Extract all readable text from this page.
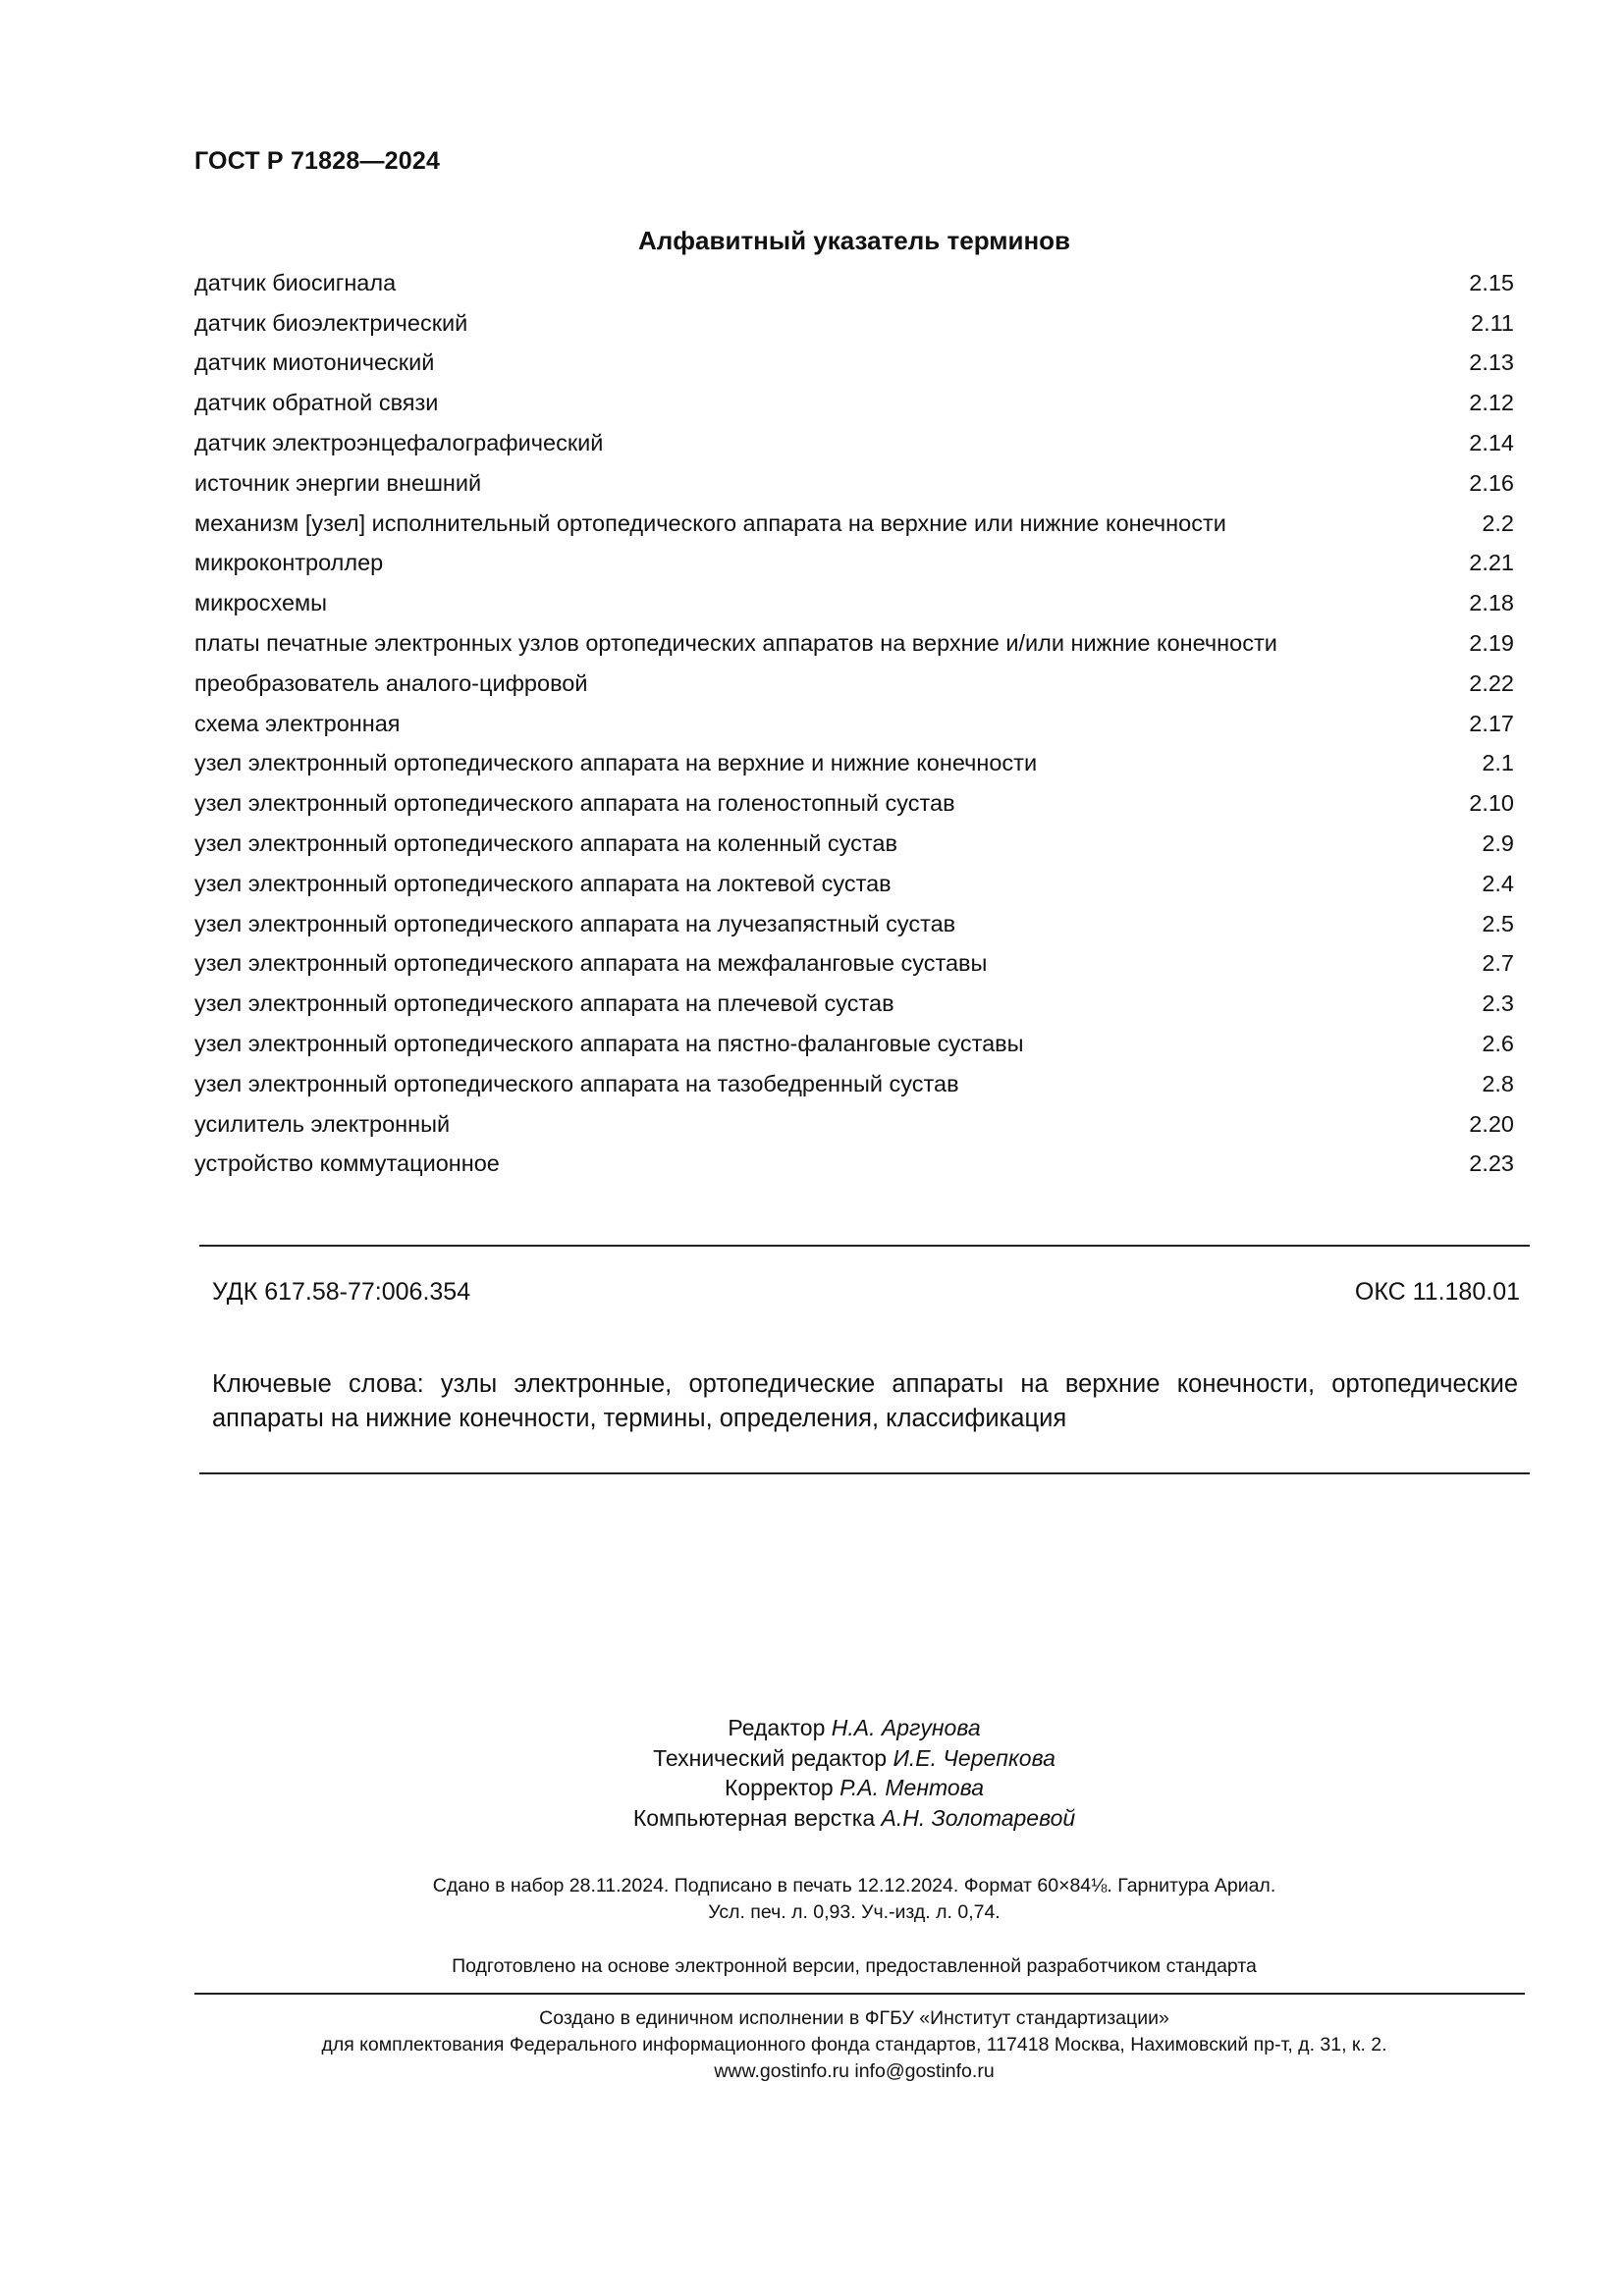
ГОСТ Р 71828—2024
Алфавитный указатель терминов
датчик биосигнала	2.15
датчик биоэлектрический	2.11
датчик миотонический	2.13
датчик обратной связи	2.12
датчик электроэнцефалографический	2.14
источник энергии внешний	2.16
механизм [узел] исполнительный ортопедического аппарата на верхние или нижние конечности	2.2
микроконтроллер	2.21
микросхемы	2.18
платы печатные электронных узлов ортопедических аппаратов на верхние и/или нижние конечности	2.19
преобразователь аналого-цифровой	2.22
схема электронная	2.17
узел электронный ортопедического аппарата на верхние и нижние конечности	2.1
узел электронный ортопедического аппарата на голеностопный сустав	2.10
узел электронный ортопедического аппарата на коленный сустав	2.9
узел электронный ортопедического аппарата на локтевой сустав	2.4
узел электронный ортопедического аппарата на лучезапястный сустав	2.5
узел электронный ортопедического аппарата на межфаланговые суставы	2.7
узел электронный ортопедического аппарата на плечевой сустав	2.3
узел электронный ортопедического аппарата на пястно-фаланговые суставы	2.6
узел электронный ортопедического аппарата на тазобедренный сустав	2.8
усилитель электронный	2.20
устройство коммутационное	2.23
УДК 617.58-77:006.354	ОКС 11.180.01
Ключевые слова: узлы электронные, ортопедические аппараты на верхние конечности, ортопедические аппараты на нижние конечности, термины, определения, классификация
Редактор Н.А. Аргунова
Технический редактор И.Е. Черепкова
Корректор Р.А. Ментова
Компьютерная верстка А.Н. Золотаревой
Сдано в набор 28.11.2024. Подписано в печать 12.12.2024. Формат 60×84⅛. Гарнитура Ариал.
Усл. печ. л. 0,93. Уч.-изд. л. 0,74.
Подготовлено на основе электронной версии, предоставленной разработчиком стандарта
Создано в единичном исполнении в ФГБУ «Институт стандартизации»
для комплектования Федерального информационного фонда стандартов, 117418 Москва, Нахимовский пр-т, д. 31, к. 2.
www.gostinfo.ru info@gostinfo.ru
